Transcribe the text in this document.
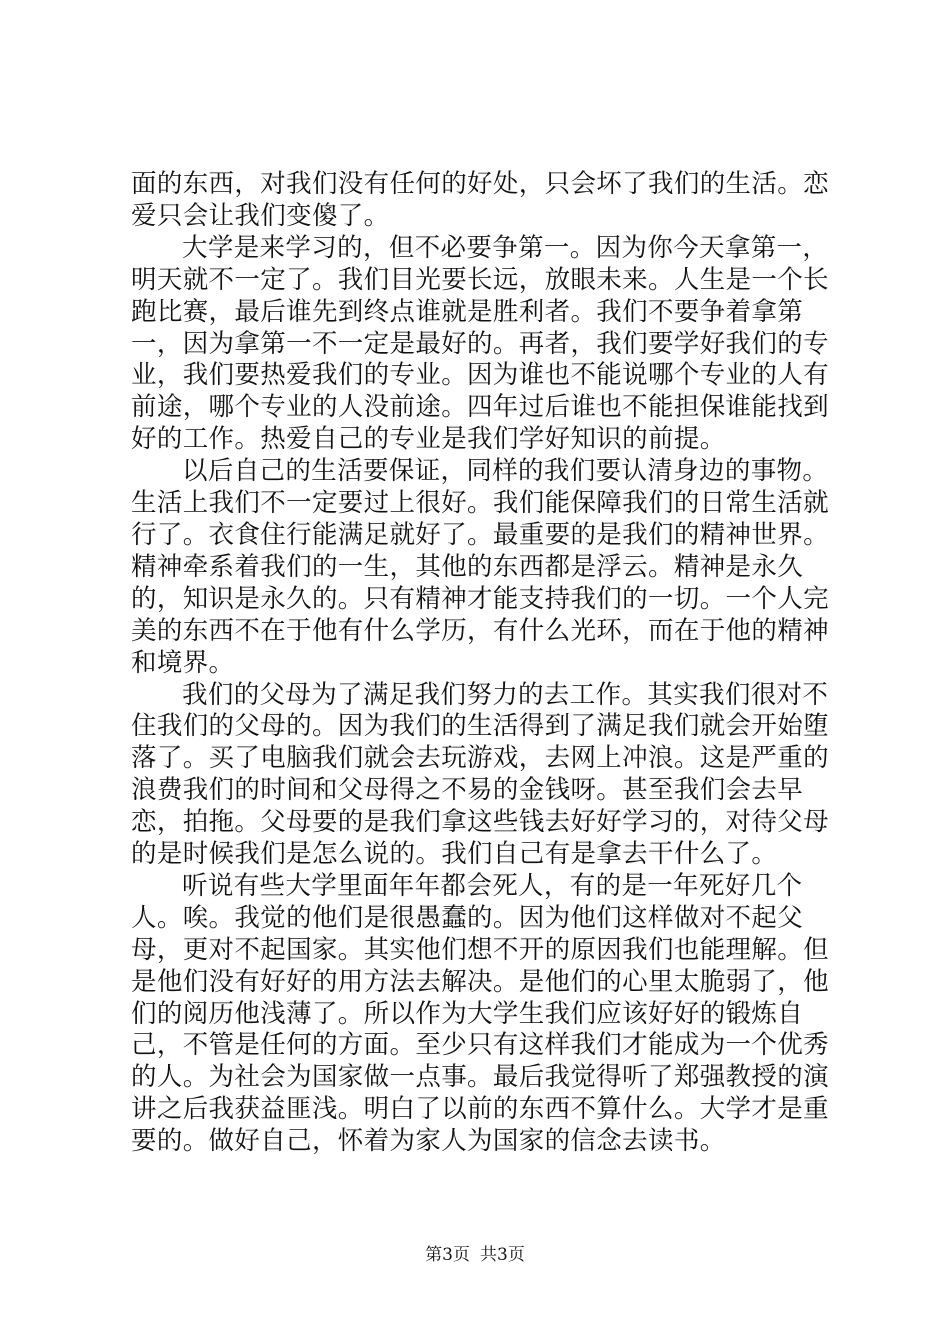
面的东西，对我们没有任何的好处，只会坏了我们的生活。恋爱只会让我们变傻了。

大学是来学习的，但不必要争第一。因为你今天拿第一，明天就不一定了。我们目光要长远，放眼未来。人生是一个长跑比赛，最后谁先到终点谁就是胜利者。我们不要争着拿第一，因为拿第一不一定是最好的。再者，我们要学好我们的专业，我们要热爱我们的专业。因为谁也不能说哪个专业的人有前途，哪个专业的人没前途。四年过后谁也不能担保谁能找到好的工作。热爱自己的专业是我们学好知识的前提。

以后自己的生活要保证，同样的我们要认清身边的事物。生活上我们不一定要过上很好。我们能保障我们的日常生活就行了。衣食住行能满足就好了。最重要的是我们的精神世界。精神牵系着我们的一生，其他的东西都是浮云。精神是永久的，知识是永久的。只有精神才能支持我们的一切。一个人完美的东西不在于他有什么学历，有什么光环，而在于他的精神和境界。

我们的父母为了满足我们努力的去工作。其实我们很对不住我们的父母的。因为我们的生活得到了满足我们就会开始堕落了。买了电脑我们就会去玩游戏，去网上冲浪。这是严重的浪费我们的时间和父母得之不易的金钱呀。甚至我们会去早恋，拍拖。父母要的是我们拿这些钱去好好学习的，对待父母的是时候我们是怎么说的。我们自己有是拿去干什么了。

听说有些大学里面年年都会死人，有的是一年死好几个人。唉。我觉的他们是很愚蠢的。因为他们这样做对不起父母，更对不起国家。其实他们想不开的原因我们也能理解。但是他们没有好好的用方法去解决。是他们的心里太脆弱了，他们的阅历他浅薄了。所以作为大学生我们应该好好的锻炼自己，不管是任何的方面。至少只有这样我们才能成为一个优秀的人。为社会为国家做一点事。最后我觉得听了郑强教授的演讲之后我获益匪浅。明白了以前的东西不算什么。大学才是重要的。做好自己，怀着为家人为国家的信念去读书。

第3页 共3页
